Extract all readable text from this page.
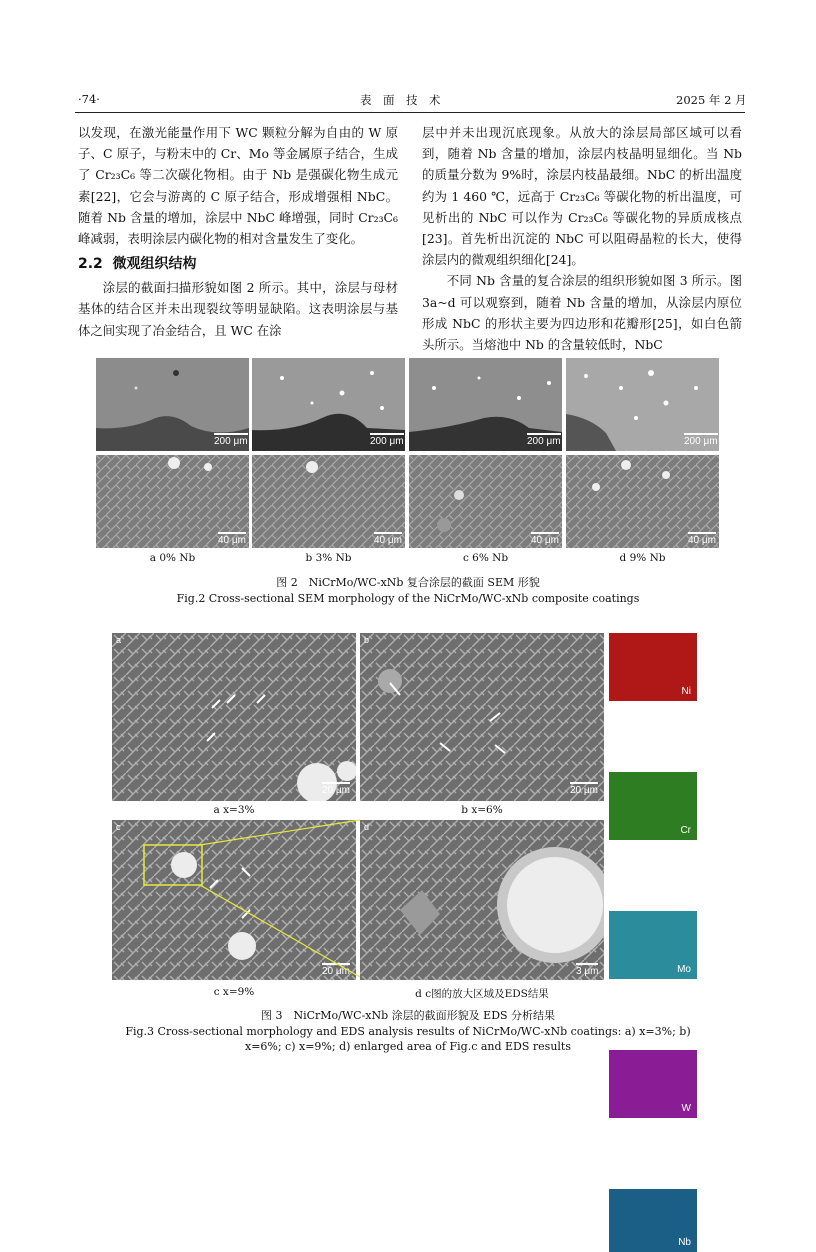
·74·	表　面　技　术	2025 年 2 月

以发现，在激光能量作用下 WC 颗粒分解为自由的 W 原子、C 原子，与粉末中的 Cr、Mo 等金属原子结合，生成了 Cr₂₃C₆ 等二次碳化物相。由于 Nb 是强碳化物生成元素[22]，它会与游离的 C 原子结合，形成增强相 NbC。随着 Nb 含量的增加，涂层中 NbC 峰增强，同时 Cr₂₃C₆ 峰减弱，表明涂层内碳化物的相对含量发生了变化。

2.2 微观组织结构

涂层的截面扫描形貌如图 2 所示。其中，涂层与母材基体的结合区并未出现裂纹等明显缺陷。这表明涂层与基体之间实现了冶金结合，且 WC 在涂

层中并未出现沉底现象。从放大的涂层局部区域可以看到，随着 Nb 含量的增加，涂层内枝晶明显细化。当 Nb 的质量分数为 9%时，涂层内枝晶最细。NbC 的析出温度约为 1 460 ℃，远高于 Cr₂₃C₆ 等碳化物的析出温度，可见析出的 NbC 可以作为 Cr₂₃C₆ 等碳化物的异质成核点[23]。首先析出沉淀的 NbC 可以阻碍晶粒的长大，使得涂层内的微观组织细化[24]。

不同 Nb 含量的复合涂层的组织形貌如图 3 所示。图 3a~d 可以观察到，随着 Nb 含量的增加，从涂层内原位形成 NbC 的形状主要为四边形和花瓣形[25]，如白色箭头所示。当熔池中 Nb 的含量较低时，NbC

200 μm	200 μm	200 μm	200 μm
40 μm	40 μm	40 μm	40 μm
a 0% Nb	b 3% Nb	c 6% Nb	d 9% Nb
图 2　NiCrMo/WC-xNb 复合涂层的截面 SEM 形貌
Fig.2 Cross-sectional SEM morphology of the NiCrMo/WC-xNb composite coatings
a
20 μm
b
20 μm
a x=3%	b x=6%
c
20 μm
d
3 μm
c x=9%	d c图的放大区域及EDS结果
Ni
Cr
Mo
W
Nb
图 3　NiCrMo/WC-xNb 涂层的截面形貌及 EDS 分析结果
Fig.3 Cross-sectional morphology and EDS analysis results of NiCrMo/WC-xNb coatings: a) x=3%; b)
x=6%; c) x=9%; d) enlarged area of Fig.c and EDS results
